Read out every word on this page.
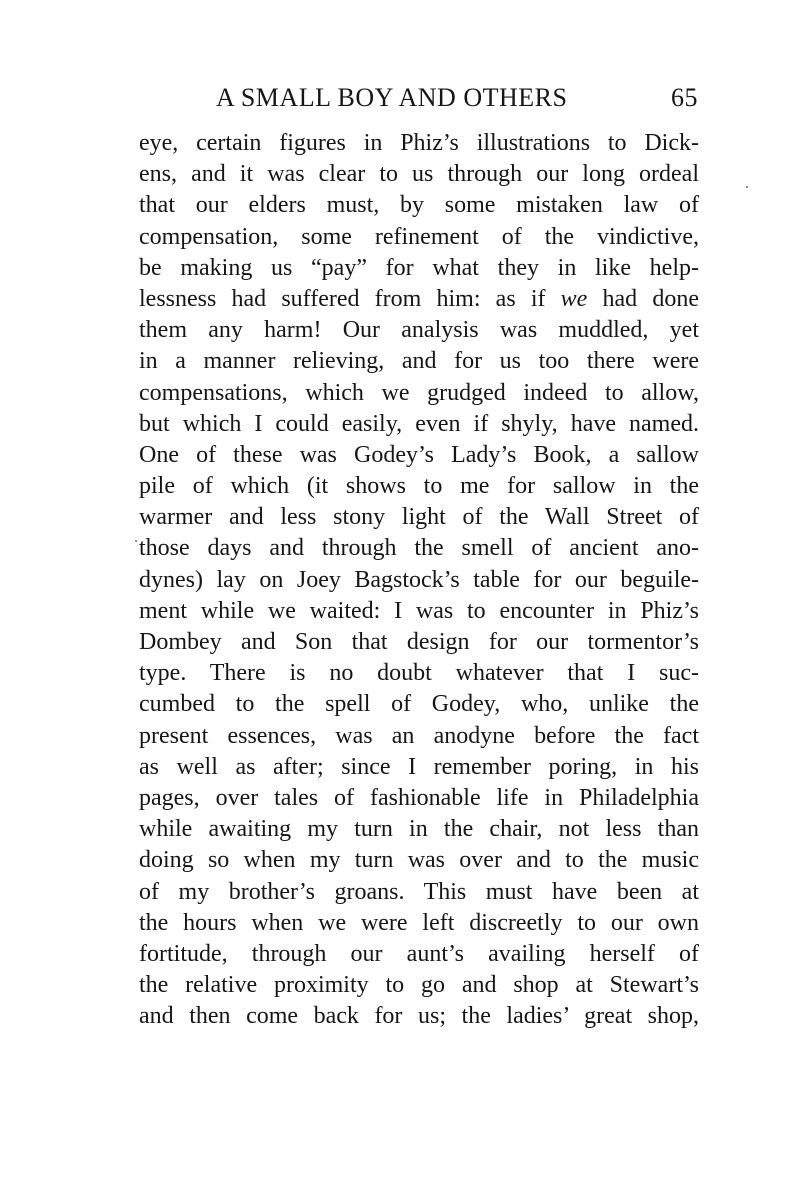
A SMALL BOY AND OTHERS	65
eye, certain figures in Phiz’s illustrations to Dick-
ens, and it was clear to us through our long ordeal
that our elders must, by some mistaken law of
compensation, some refinement of the vindictive,
be making us “pay” for what they in like help-
lessness had suffered from him: as if we had done
them any harm! Our analysis was muddled, yet
in a manner relieving, and for us too there were
compensations, which we grudged indeed to allow,
but which I could easily, even if shyly, have named.
One of these was Godey’s Lady’s Book, a sallow
pile of which (it shows to me for sallow in the
warmer and less stony light of the Wall Street of
those days and through the smell of ancient ano-
dynes) lay on Joey Bagstock’s table for our beguile-
ment while we waited: I was to encounter in Phiz’s
Dombey and Son that design for our tormentor’s
type. There is no doubt whatever that I suc-
cumbed to the spell of Godey, who, unlike the
present essences, was an anodyne before the fact
as well as after; since I remember poring, in his
pages, over tales of fashionable life in Philadelphia
while awaiting my turn in the chair, not less than
doing so when my turn was over and to the music
of my brother’s groans. This must have been at
the hours when we were left discreetly to our own
fortitude, through our aunt’s availing herself of
the relative proximity to go and shop at Stewart’s
and then come back for us; the ladies’ great shop,
